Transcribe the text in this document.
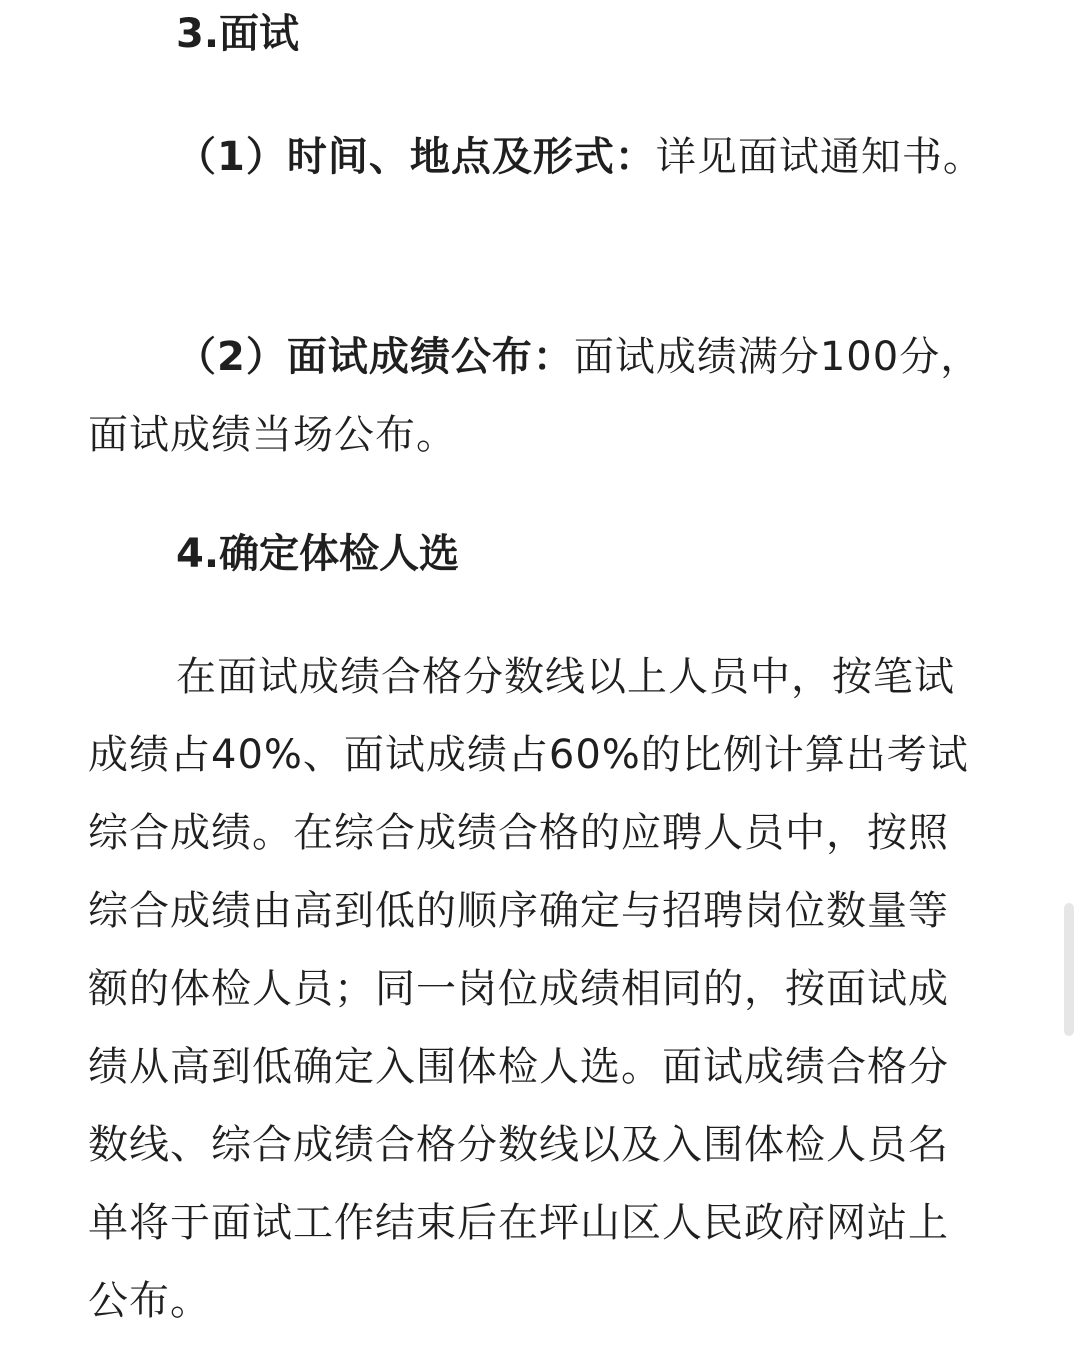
3.面试

（1）时间、地点及形式：详见面试通知书。

（2）面试成绩公布：面试成绩满分100分，面试成绩当场公布。

4.确定体检人选

在面试成绩合格分数线以上人员中，按笔试成绩占40%、面试成绩占60%的比例计算出考试综合成绩。在综合成绩合格的应聘人员中，按照综合成绩由高到低的顺序确定与招聘岗位数量等额的体检人员；同一岗位成绩相同的，按面试成绩从高到低确定入围体检人选。面试成绩合格分数线、综合成绩合格分数线以及入围体检人员名单将于面试工作结束后在坪山区人民政府网站上公布。
